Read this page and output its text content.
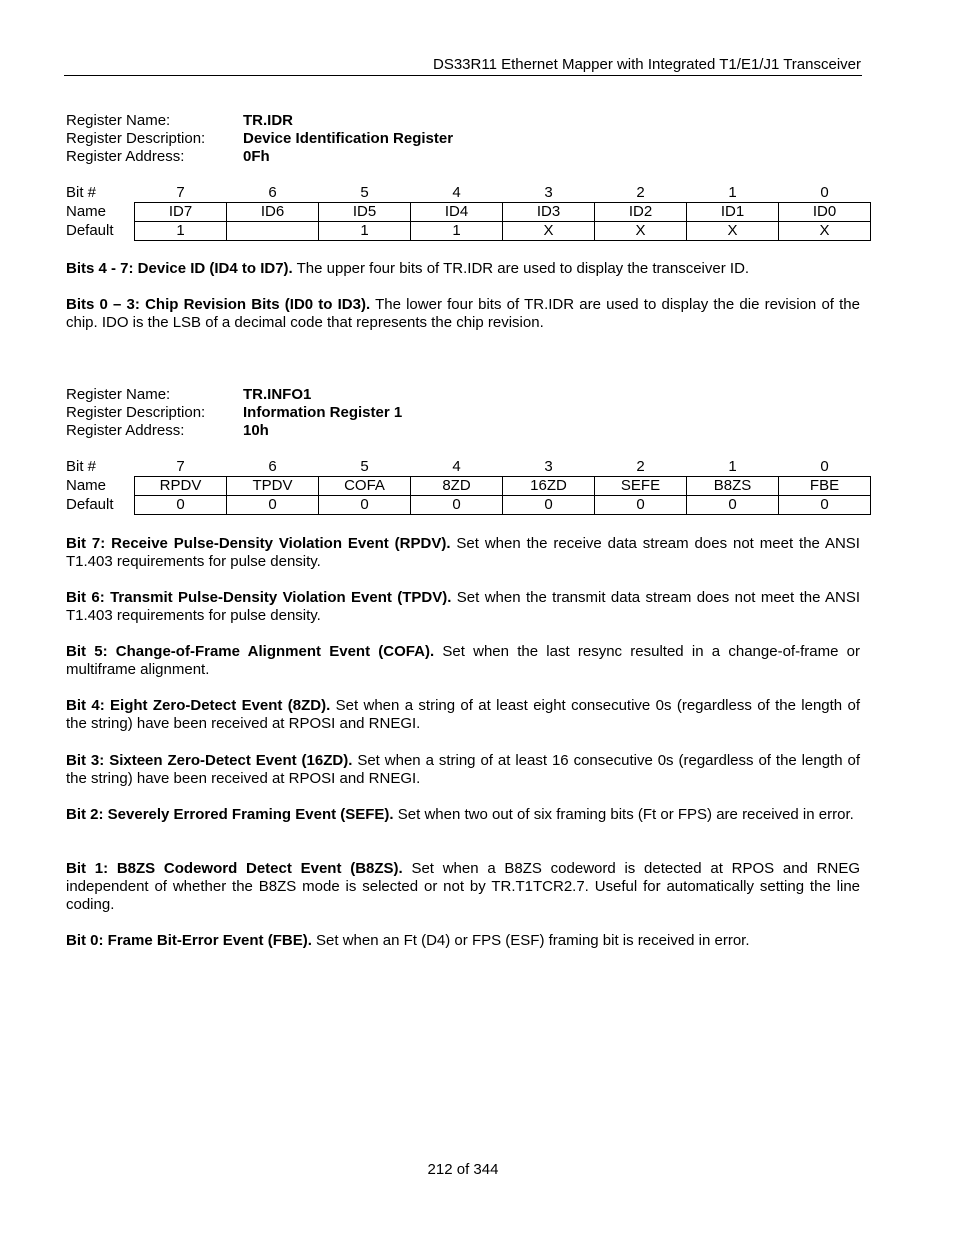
DS33R11 Ethernet Mapper with Integrated T1/E1/J1 Transceiver
Register Name:	TR.IDR
Register Description:	Device Identification Register
Register Address:	0Fh
Bit #	7	6	5	4	3	2	1	0
Name	ID7	ID6	ID5	ID4	ID3	ID2	ID1	ID0
Default	1		1	1	X	X	X	X
Bits 4 - 7: Device ID (ID4 to ID7). The upper four bits of TR.IDR are used to display the transceiver ID.
Bits 0 – 3: Chip Revision Bits (ID0 to ID3). The lower four bits of TR.IDR are used to display the die revision of the chip. IDO is the LSB of a decimal code that represents the chip revision.
Register Name:	TR.INFO1
Register Description:	Information Register 1
Register Address:	10h
Bit #	7	6	5	4	3	2	1	0
Name	RPDV	TPDV	COFA	8ZD	16ZD	SEFE	B8ZS	FBE
Default	0	0	0	0	0	0	0	0
Bit 7: Receive Pulse-Density Violation Event (RPDV). Set when the receive data stream does not meet the ANSI T1.403 requirements for pulse density.
Bit 6: Transmit Pulse-Density Violation Event (TPDV). Set when the transmit data stream does not meet the ANSI T1.403 requirements for pulse density.
Bit 5: Change-of-Frame Alignment Event (COFA). Set when the last resync resulted in a change-of-frame or multiframe alignment.
Bit 4: Eight Zero-Detect Event (8ZD). Set when a string of at least eight consecutive 0s (regardless of the length of the string) have been received at RPOSI and RNEGI.
Bit 3: Sixteen Zero-Detect Event (16ZD). Set when a string of at least 16 consecutive 0s (regardless of the length of the string) have been received at RPOSI and RNEGI.
Bit 2: Severely Errored Framing Event (SEFE). Set when two out of six framing bits (Ft or FPS) are received in error.
Bit 1: B8ZS Codeword Detect Event (B8ZS). Set when a B8ZS codeword is detected at RPOS and RNEG independent of whether the B8ZS mode is selected or not by TR.T1TCR2.7. Useful for automatically setting the line coding.
Bit 0: Frame Bit-Error Event (FBE). Set when an Ft (D4) or FPS (ESF) framing bit is received in error.
212 of 344
